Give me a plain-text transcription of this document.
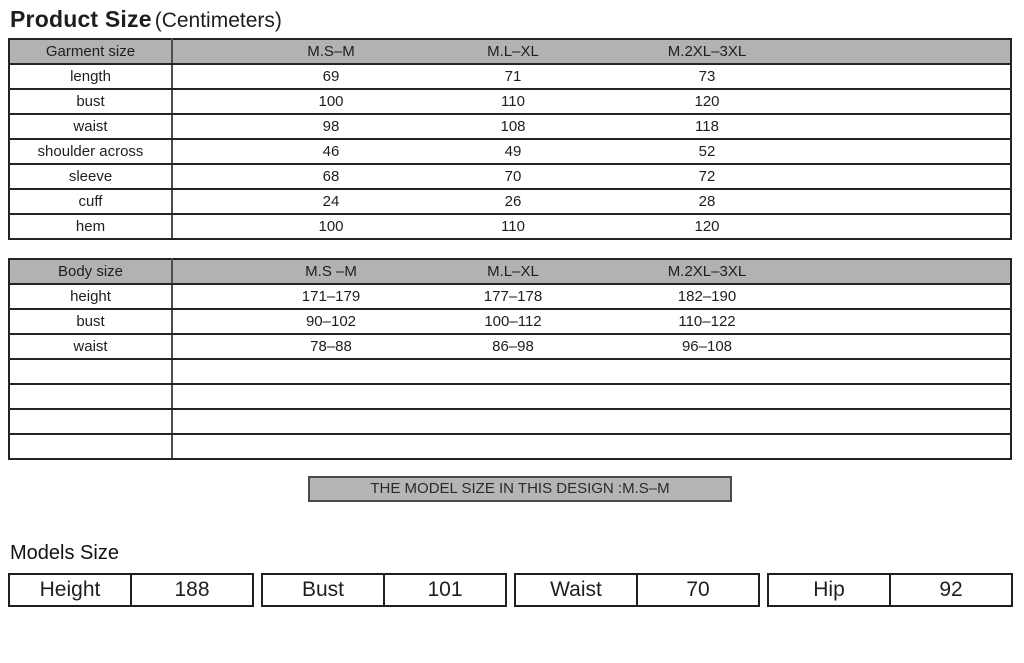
Product Size (Centimeters)
Garment size		M.S–M	M.L–XL	M.2XL–3XL	
length		69	71	73	
bust		100	110	120	
waist		98	108	118	
shoulder across		46	49	52	
sleeve		68	70	72	
cuff		24	26	28	
hem		100	110	120	
Body size		M.S –M	M.L–XL	M.2XL–3XL	
height		171–179	177–178	182–190	
bust		90–102	100–112	110–122	
waist		78–88	86–98	96–108	

THE MODEL SIZE IN THIS DESIGN :M.S–M
Models Size
Height	188	Bust	101	Waist	70	Hip	92
